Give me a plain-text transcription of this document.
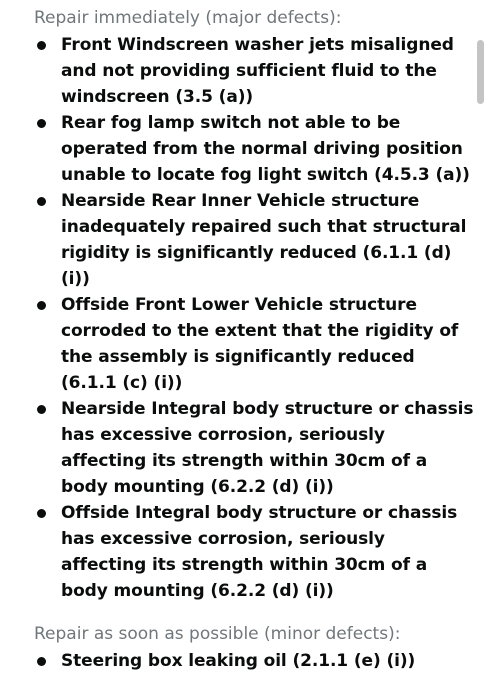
Repair immediately (major defects):
Front Windscreen washer jets misaligned and not providing sufficient fluid to the windscreen (3.5 (a))
Rear fog lamp switch not able to be operated from the normal driving position unable to locate fog light switch (4.5.3 (a))
Nearside Rear Inner Vehicle structure inadequately repaired such that structural rigidity is significantly reduced (6.1.1 (d) (i))
Offside Front Lower Vehicle structure corroded to the extent that the rigidity of the assembly is significantly reduced (6.1.1 (c) (i))
Nearside Integral body structure or chassis has excessive corrosion, seriously affecting its strength within 30cm of a body mounting (6.2.2 (d) (i))
Offside Integral body structure or chassis has excessive corrosion, seriously affecting its strength within 30cm of a body mounting (6.2.2 (d) (i))
Repair as soon as possible (minor defects):
Steering box leaking oil (2.1.1 (e) (i))
